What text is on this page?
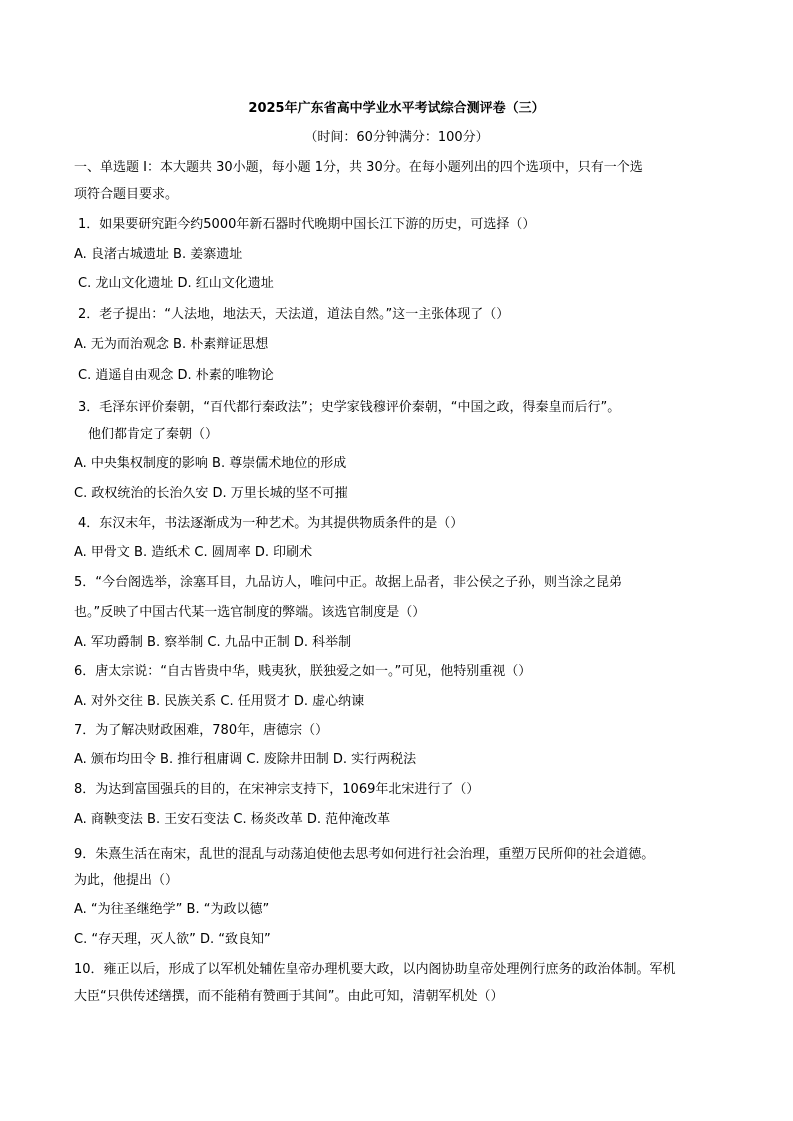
2025年广东省高中学业水平考试综合测评卷（三）
（时间：60分钟满分：100分）
一、单选题 I：本大题共 30小题，每小题 1分，共 30分。在每小题列出的四个选项中，只有一个选
项符合题目要求。
1．如果要研究距今约5000年新石器时代晚期中国长江下游的历史，可选择（）
A. 良渚古城遗址 B. 姜寨遗址
C. 龙山文化遗址 D. 红山文化遗址
2．老子提出：“人法地，地法天，天法道，道法自然。”这一主张体现了（）
A. 无为而治观念 B. 朴素辩证思想
C. 逍遥自由观念 D. 朴素的唯物论
3．毛泽东评价秦朝，“百代都行秦政法”；史学家钱穆评价秦朝，“中国之政，得秦皇而后行”。
他们都肯定了秦朝（）
A. 中央集权制度的影响 B. 尊崇儒术地位的形成
C. 政权统治的长治久安 D. 万里长城的坚不可摧
4．东汉末年，书法逐渐成为一种艺术。为其提供物质条件的是（）
A. 甲骨文 B. 造纸术 C. 圆周率 D. 印刷术
5．“今台阁选举，涂塞耳目，九品访人，唯问中正。故据上品者，非公侯之子孙，则当涂之昆弟
也。”反映了中国古代某一选官制度的弊端。该选官制度是（）
A. 军功爵制 B. 察举制 C. 九品中正制 D. 科举制
6．唐太宗说：“自古皆贵中华，贱夷狄，朕独爱之如一。”可见，他特别重视（）
A. 对外交往 B. 民族关系 C. 任用贤才 D. 虚心纳谏
7．为了解决财政困难，780年，唐德宗（）
A. 颁布均田令 B. 推行租庸调 C. 废除井田制 D. 实行两税法
8．为达到富国强兵的目的，在宋神宗支持下，1069年北宋进行了（）
A. 商鞅变法 B. 王安石变法 C. 杨炎改革 D. 范仲淹改革
9．朱熹生活在南宋，乱世的混乱与动荡迫使他去思考如何进行社会治理，重塑万民所仰的社会道德。
为此，他提出（）
A. “为往圣继绝学” B. “为政以德”
C. “存天理，灭人欲” D. “致良知”
10．雍正以后，形成了以军机处辅佐皇帝办理机要大政，以内阁协助皇帝处理例行庶务的政治体制。军机
大臣“只供传述缮撰，而不能稍有赞画于其间”。由此可知，清朝军机处（）
